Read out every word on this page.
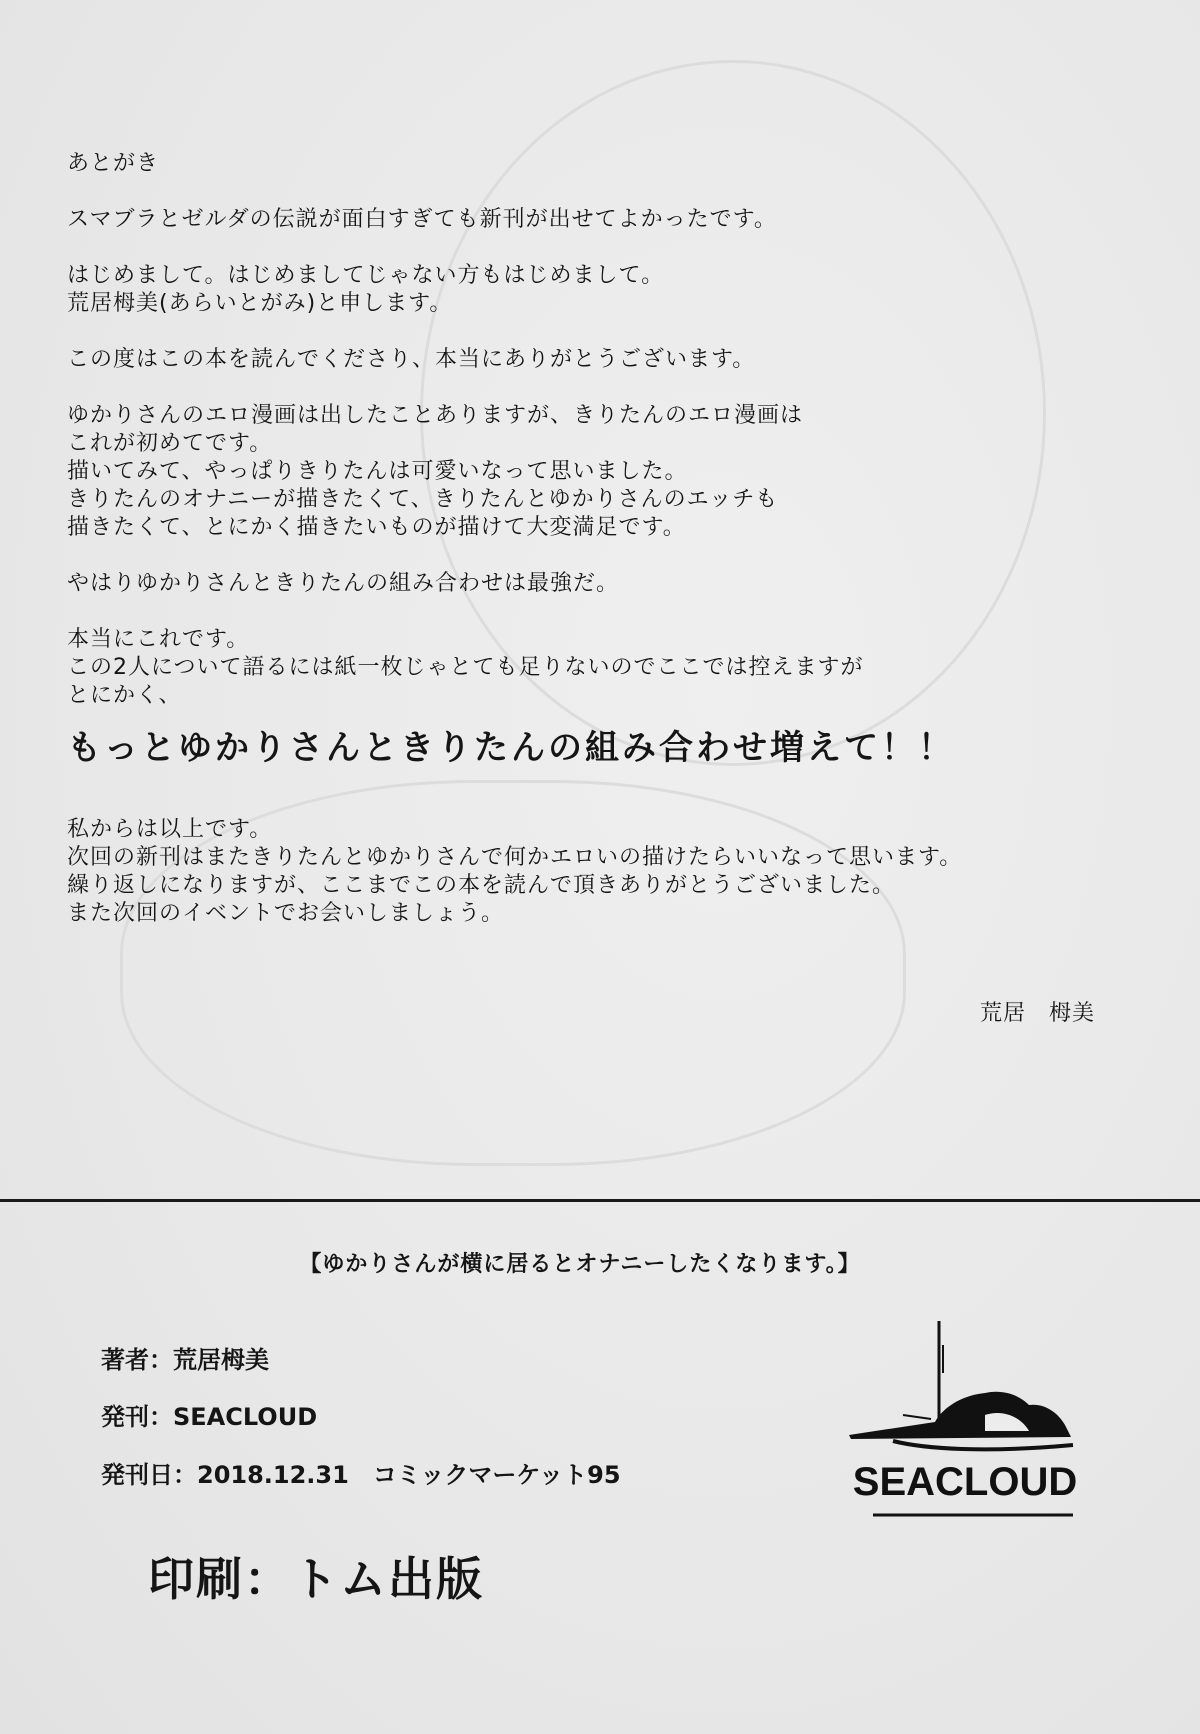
あとがき

スマブラとゼルダの伝説が面白すぎても新刊が出せてよかったです。

はじめまして。はじめましてじゃない方もはじめまして。

荒居栂美(あらいとがみ)と申します。

この度はこの本を読んでくださり、本当にありがとうございます。

ゆかりさんのエロ漫画は出したことありますが、きりたんのエロ漫画は

これが初めてです。

描いてみて、やっぱりきりたんは可愛いなって思いました。

きりたんのオナニーが描きたくて、きりたんとゆかりさんのエッチも

描きたくて、とにかく描きたいものが描けて大変満足です。

やはりゆかりさんときりたんの組み合わせは最強だ。

本当にこれです。

この2人について語るには紙一枚じゃとても足りないのでここでは控えますが

とにかく、

もっとゆかりさんときりたんの組み合わせ増えて！！

私からは以上です。

次回の新刊はまたきりたんとゆかりさんで何かエロいの描けたらいいなって思います。

繰り返しになりますが、ここまでこの本を読んで頂きありがとうございました。

また次回のイベントでお会いしましょう。

荒居　栂美
【ゆかりさんが横に居るとオナニーしたくなります。】
著者：荒居栂美
発刊：SEACLOUD
発刊日：2018.12.31　コミックマーケット95
印刷：トム出版
SEACLOUD
